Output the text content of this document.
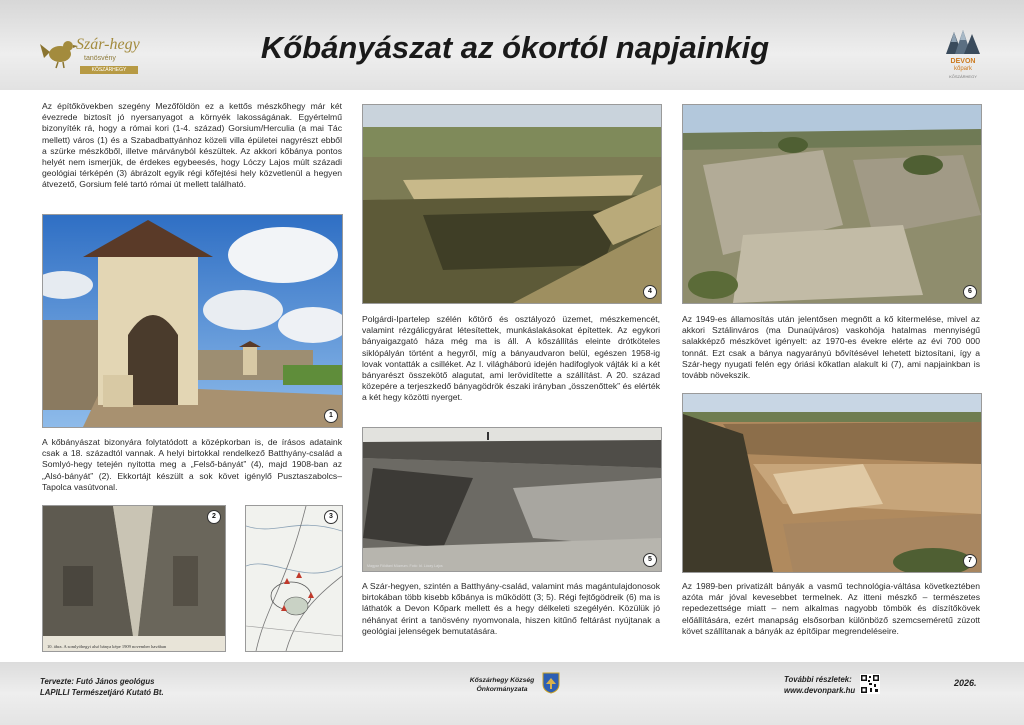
Szár-hegy
tanösvény
KŐSZÁRHEGY
Kőbányászat az ókortól napjainkig	DEVON
kőpark
KŐSZÁRHEGY
Az építőkövekben szegény Mezőföldön ez a kettős mészkőhegy már két évezrede biztosít jó nyersanyagot a környék lakosságának. Egyértelmű bizonyíték rá, hogy a római kori (1-4. század) Gorsium/Herculia (a mai Tác mellett) város (1) és a Szabadbattyánhoz közeli villa épületei nagyrészt ebből a szürke mészkőből, illetve márványból készültek. Az akkori kőbánya pontos helyét nem ismerjük, de érdekes egybeesés, hogy Lóczy Lajos múlt századi geológiai térképén (3) ábrázolt egyik régi kőfejtési hely közvetlenül a hegyen átvezető, Gorsium felé tartó római út mellett található.
1
A kőbányászat bizonyára folytatódott a középkorban is, de írásos adataink csak a 18. századtól vannak. A helyi birtokkal rendelkező Batthyány-család a Somlyó-hegy tetején nyitotta meg a „Felső-bányát” (4), majd 1908-ban az „Alsó-bányát” (2). Ekkortájt készült a sok követ igénylő Pusztaszabolcs–Tapolca vasútvonal.
10. ábra. A somlyóhegyi alsó bánya képe 1909 november havában
2	3
4
Polgárdi-Ipartelep szélén kőtörő és osztályozó üzemet, mészkemencét, valamint rézgálicgyárat létesítettek, munkáslakásokat építettek. Az egykori bányaigazgató háza még ma is áll. A kőszállítás eleinte drótköteles siklópályán történt a hegyről, míg a bányaudvaron belül, egészen 1958-ig lovak vontatták a csilléket. Az I. világháború idején hadifoglyok vájták ki a két bányarészt összekötő alagutat, ami lerövidítette a szállítást. A 20. század közepére a terjeszkedő bányagödrök északi irányban „összenőttek” és elérték a két hegy közötti nyerget.
Magyar Földtani Múzeum. Fotó: Id. Lóczy Lajos
5
A Szár-hegyen, szintén a Batthyány-család, valamint más magántulajdonosok birtokában több kisebb kőbánya is működött (3; 5). Régi fejtőgödreik (6) ma is láthatók a Devon Kőpark mellett és a hegy délkeleti szegélyén. Közülük jó néhányat érint a tanösvény nyomvonala, hiszen kitűnő feltárást nyújtanak a geológiai jelenségek bemutatására.
6
Az 1949-es államosítás után jelentősen megnőtt a kő kitermelése, mivel az akkori Sztálinváros (ma Dunaújváros) vaskohója hatalmas mennyiségű salakképző mészkövet igényelt: az 1970-es évekre elérte az évi 700 000 tonnát. Ezt csak a bánya nagyarányú bővítésével lehetett biztosítani, így a Szár-hegy nyugati felén egy óriási kőkatlan alakult ki (7), ami napjainkban is tovább növekszik.
7
Az 1989-ben privatizált bányák a vasmű technológia-váltása következtében azóta már jóval kevesebbet termelnek. Az itteni mészkő – természetes repedezettsége miatt – nem alkalmas nagyobb tömbök és díszítőkövek előállítására, ezért manapság elsősorban különböző szemcseméretű zúzott követ szállítanak a bányák az építőipar megrendeléseire.
Tervezte: Futó János geológus
LAPILLI Természetjáró Kutató Bt.
Kőszárhegy Község
Önkormányzata
További részletek:
www.devonpark.hu
2026.
